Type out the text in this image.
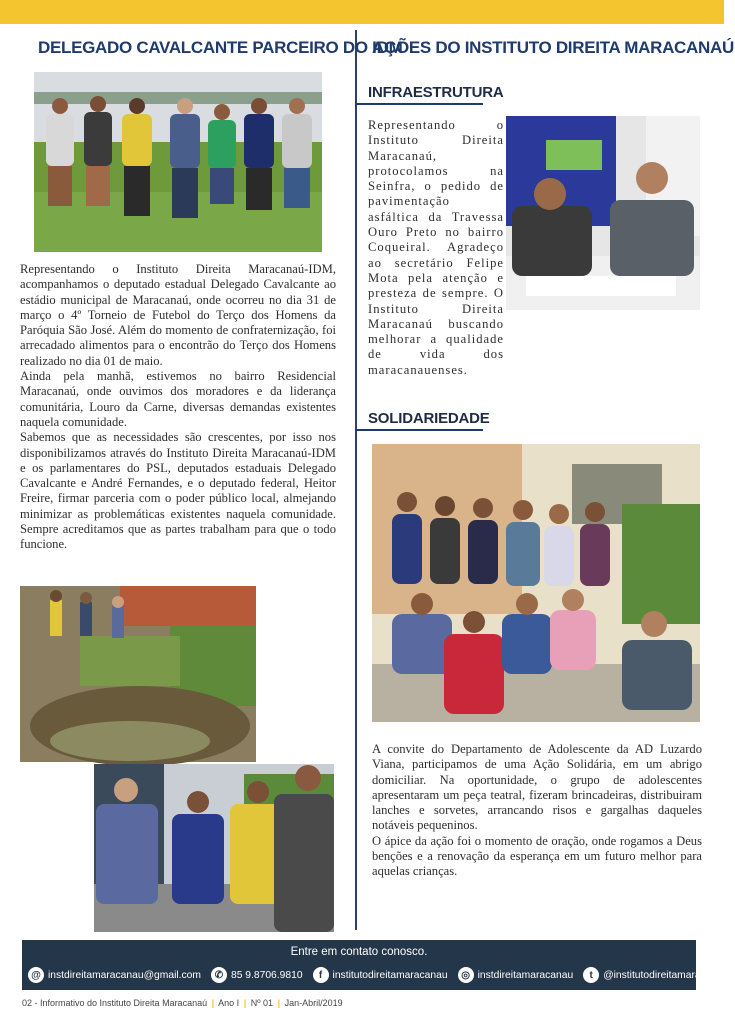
DELEGADO CAVALCANTE PARCEIRO DO IDM

Representando o Instituto Direita Maracanaú-IDM, acompanhamos o deputado estadual Delegado Cavalcante ao estádio municipal de Maracanaú, onde ocorreu no dia 31 de março o 4º Torneio de Futebol do Terço dos Homens da Paróquia São José. Além do momento de confraternização, foi arrecadado alimentos para o encontrão do Terço dos Homens realizado no dia 01 de maio.

Ainda pela manhã, estivemos no bairro Residencial Maracanaú, onde ouvimos dos moradores e da liderança comunitária, Louro da Carne, diversas demandas existentes naquela comunidade.

Sabemos que as necessidades são crescentes, por isso nos disponibilizamos através do Instituto Direita Maracanaú-IDM e os parlamentares do PSL, deputados estaduais Delegado Cavalcante e André Fernandes, e o deputado federal, Heitor Freire, firmar parceria com o poder público local, almejando minimizar as problemáticas existentes naquela comunidade. Sempre acreditamos que as partes trabalham para que o todo funcione.

AÇÕES DO INSTITUTO DIREITA MARACANAÚ
INFRAESTRUTURA

Representando o Instituto Direita Maracanaú, protocolamos na Seinfra, o pedido de pavimentação asfáltica da Travessa Ouro Preto no bairro Coqueiral. Agradeço ao secretário Felipe Mota pela atenção e presteza de sempre. O Instituto Direita Maracanaú buscando melhorar a qualidade de vida dos maracanauenses.

SOLIDARIEDADE

A convite do Departamento de Adolescente da AD Luzardo Viana, participamos de uma Ação Solidária, em um abrigo domiciliar. Na oportunidade, o grupo de adolescentes apresentaram um peça teatral, fizeram brincadeiras, distribuiram lanches e sorvetes, arrancando risos e gargalhas daqueles notáveis pequeninos.

O ápice da ação foi o momento de oração, onde rogamos a Deus benções e a renovação da esperança em um futuro melhor para aquelas crianças.

Entre em contato conosco.
@ instdireitamaracanau@gmail.com	✆ 85 9.8706.9810	f	institutodireitamaracanau	◎ instdireitamaracanau	t	@institutodireitamaracanau
02 - Informativo do Instituto Direita Maracanaú | Ano I | Nº 01 | Jan-Abril/2019
